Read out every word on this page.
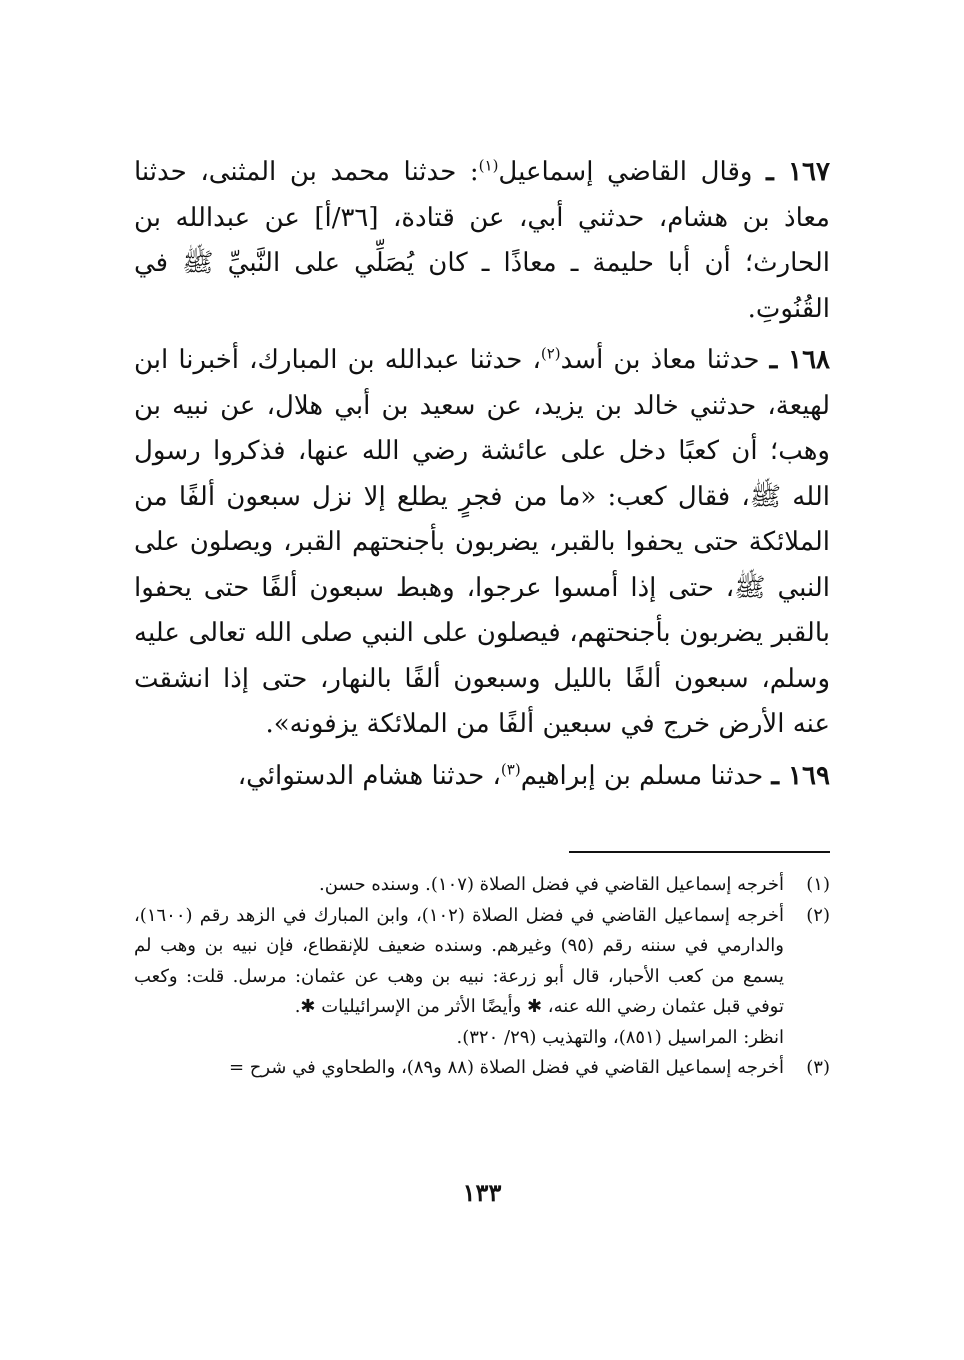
١٦٧ ـ وقال القاضي إسماعيل$^{(١)}$: حدثنا محمد بن المثنى، حدثنا معاذ بن هشام، حدثني أبي، عن قتادة، [٣٦/أ] عن عبدالله بن الحارث؛ أن أبا حليمة ـ معاذًا ـ كان يُصَلِّي على النَّبيِّ ﷺ في القُنُوتِ.

١٦٨ ـ حدثنا معاذ بن أسد$^{(٢)}$، حدثنا عبدالله بن المبارك، أخبرنا ابن لهيعة، حدثني خالد بن يزيد، عن سعيد بن أبي هلال، عن نبيه بن وهب؛ أن كعبًا دخل على عائشة رضي الله عنها، فذكروا رسول الله ﷺ، فقال كعب: «ما من فجرٍ يطلع إلا نزل سبعون ألفًا من الملائكة حتى يحفوا بالقبر، يضربون بأجنحتهم القبر، ويصلون على النبي ﷺ، حتى إذا أمسوا عرجوا، وهبط سبعون ألفًا حتى يحفوا بالقبر يضربون بأجنحتهم، فيصلون على النبي صلى الله تعالى عليه وسلم، سبعون ألفًا بالليل وسبعون ألفًا بالنهار، حتى إذا انشقت عنه الأرض خرج في سبعين ألفًا من الملائكة يزفونه».

١٦٩ ـ حدثنا مسلم بن إبراهيم$^{(٣)}$، حدثنا هشام الدستوائي،

(١)
أخرجه إسماعيل القاضي في فضل الصلاة (١٠٧). وسنده حسن.
(٢)
أخرجه إسماعيل القاضي في فضل الصلاة (١٠٢)، وابن المبارك في الزهد رقم (١٦٠٠)، والدارمي في سننه رقم (٩٥) وغيرهم. وسنده ضعيف للإنقطاع، فإن نبيه بن وهب لم يسمع من كعب الأحبار، قال أبو زرعة: نبيه بن وهب عن عثمان: مرسل. قلت: وكعب توفي قبل عثمان رضي الله عنه، ✱ وأيضًا الأثر من الإسرائيليات ✱.
انظر: المراسيل (٨٥١)، والتهذيب (٢٩/ ٣٢٠).
(٣)
أخرجه إسماعيل القاضي في فضل الصلاة (٨٨ و٨٩)، والطحاوي في شرح =
١٣٣
